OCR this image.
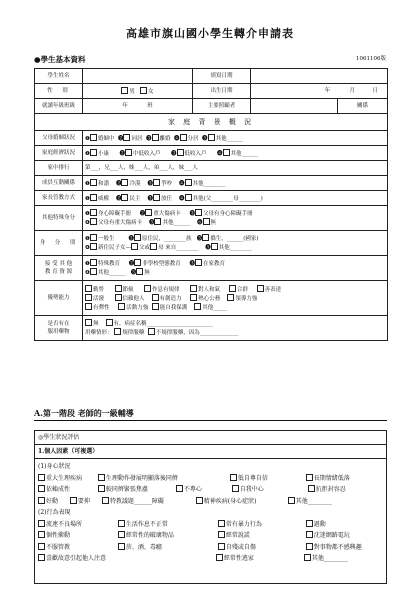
高雄市旗山國小學生轉介申請表
●學生基本資料	1061106版
學生姓名		填寫日期		
性　別	男 女	出生日期	年 月 日	
就讀年級班級	年 班	主要照顧者		關係
家 庭 背 景 概 況	
父母婚姻狀況	❶ 婚姻中 ❷ 同居 ❸ 離婚 ❹ 分居 ❺ 其他______
家庭經濟狀況	❶ 小康 ❷ 中低收入戶 ❸ 低收入戶 ❹ 其他______
家中排行	第___，兄___人，姊___人，弟___人，妹___人
成員互動關係	❶ 和諧 ❷ 冷漠 ❸ 爭吵 ❹ 其他________
家長管教方式	❶ 威權 ❷ 民主 ❸ 放任 ❹ 其他(父________母________)
其他特殊身分	❶ 身心障礙手冊 ❷ 重大傷病卡 ❸ 父母有身心障礙手冊
❹ 父母有重大傷病卡 ❺ 其他______ ❻ 無

身　分　別	❶ 一般生 ❷ 原住民，________族 ❸ 僑生，______(國家)
❹ 新住民子女— 父或 母 來自________ ❺ 其他________

接 受 其 他
教 育 資 源	❶ 特殊教育 ❷ 非學校型態教育 ❸ 在家教育
❹ 其他______ ❺ 無

優勢能力	勤勞 節儉 作息有規律 對人和氣 合群 善表達
活潑 信賴他人 有創造力 熱心公務 領導力強
有彈性 活動力強 能自我保護 其他_____

是否有在
服用藥物	無 有，病症名稱________________________
用藥情形： 規律服藥 不規律服藥，因為______________
A.第一階段 老師的一級輔導
◎學生狀況評估
1.個人因素（可複選）
(1)身心狀況
重大生理疾病	生理動作發展明顯落後同儕	低自尊自信	長期情緒低落
依賴成性	較同儕緊張焦慮	不專心	自我中心	抗拒封容忍
好動	要抑	特教議題______障礙	精神疾病(身心症狀)	其他________
(2)行為表現
流連不良場所	生活作息不正常	常有暴力行為	過動
個性衝動	經常性的破壞物品	經常說謊	沈迷網路電玩
不服管教	菸、酒、毒癮	自殘或自傷	對事物都不感興趣
喜歡故意引起他人注意	經常性逃家	其他________
